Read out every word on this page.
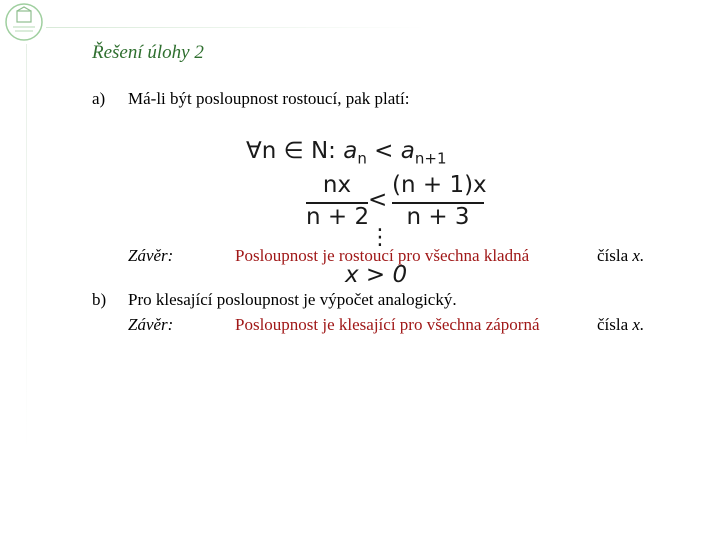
Řešení úlohy 2
a) Má-li být posloupnost rostoucí, pak platí:
∀n ∈ N: $a_n < a_{n+1}$
nx
n + 2
<
(n + 1)x
n + 3
⋮
Závěr:	Posloupnost je rostoucí pro všechna kladná	čísla x.
x > 0
b) Pro klesající posloupnost je výpočet analogický.
Závěr:	Posloupnost je klesající pro všechna záporná	čísla x.
